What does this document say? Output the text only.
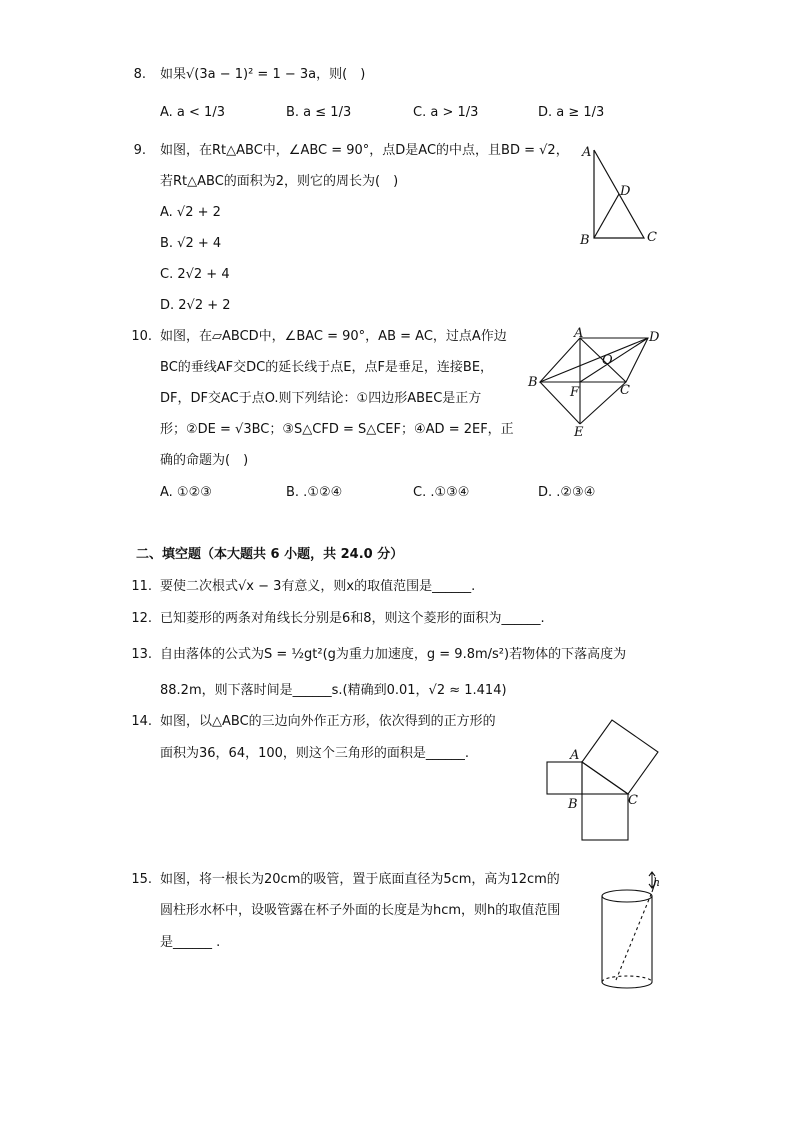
8. 如果√(3a − 1)² = 1 − 3a，则(　)
A. a < 1/3	B. a ≤ 1/3	C. a > 1/3	D. a ≥ 1/3
9. 如图，在Rt△ABC中，∠ABC = 90°，点D是AC的中点，且BD = √2，
若Rt△ABC的面积为2，则它的周长为(　)
A. √2 + 2
B. √2 + 4
C. 2√2 + 4
D. 2√2 + 2
A
D
B	C
10. 如图，在▱ABCD中，∠BAC = 90°，AB = AC，过点A作边
BC的垂线AF交DC的延长线于点E，点F是垂足，连接BE，
DF，DF交AC于点O.则下列结论：①四边形ABEC是正方
形；②DE = √3BC；③S△CFD = S△CEF；④AD = 2EF，正
确的命题为(　)
A. ①②③	B. .①②④	C. .①③④	D. .②③④
A	D
O
B
F	C
E
二、填空题（本大题共 6 小题，共 24.0 分）
11. 要使二次根式√x − 3有意义，则x的取值范围是______.
12. 已知菱形的两条对角线长分别是6和8，则这个菱形的面积为______.
13. 自由落体的公式为S = ½gt²(g为重力加速度，g = 9.8m/s²)若物体的下落高度为
88.2m，则下落时间是______s.(精确到0.01，√2 ≈ 1.414)
14. 如图，以△ABC的三边向外作正方形，依次得到的正方形的
面积为36，64，100，则这个三角形的面积是______.	A
B	C
15. 如图，将一根长为20cm的吸管，置于底面直径为5cm，高为12cm的
圆柱形水杯中，设吸管露在杯子外面的长度是为hcm，则h的取值范围
是______ .
h
